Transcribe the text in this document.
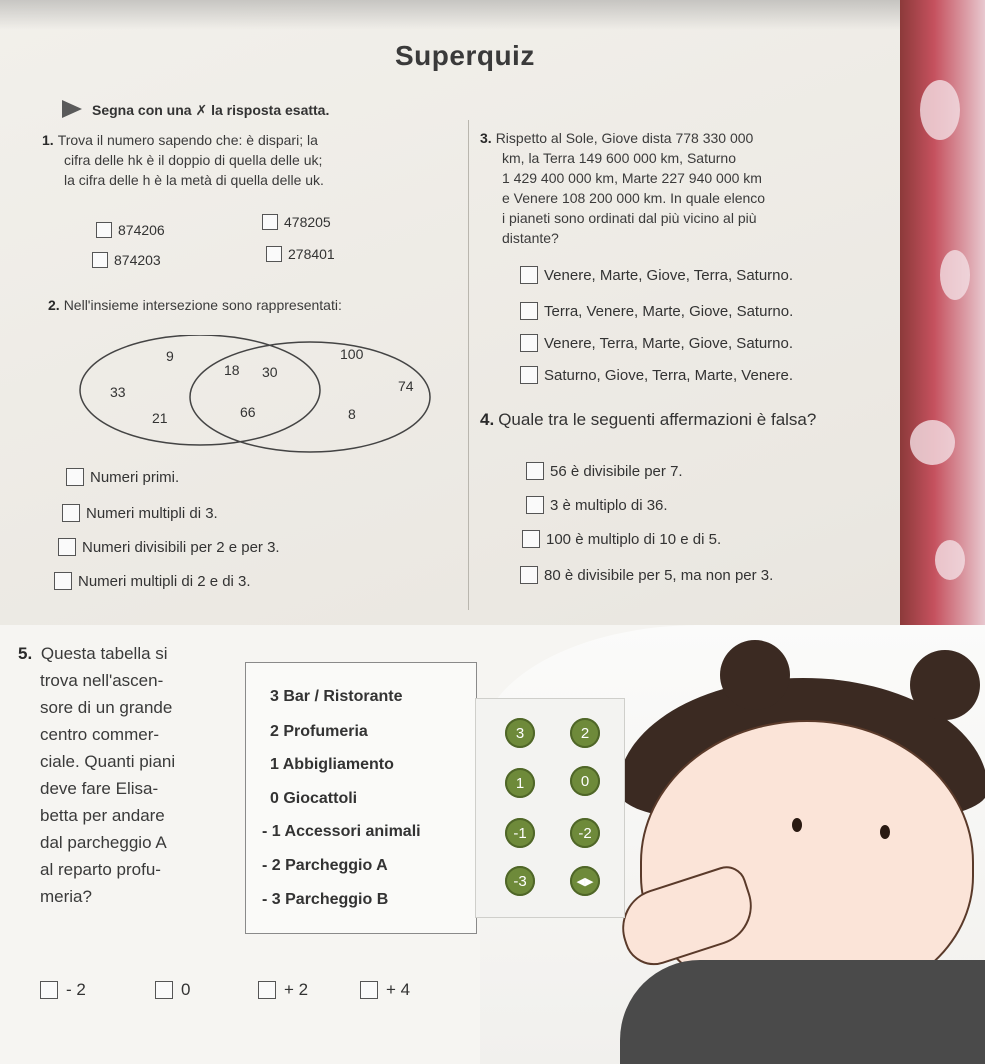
Superquiz
Segna con una ✗ la risposta esatta.
1. Trova il numero sapendo che: è dispari; la
cifra delle hk è il doppio di quella delle uk;
la cifra delle h è la metà di quella delle uk.
874206	478205
874203	278401
2. Nell'insieme intersezione sono rappresentati:
9
33
21
18 30
66
100
74
8
Numeri primi.
Numeri multipli di 3.
Numeri divisibili per 2 e per 3.
Numeri multipli di 2 e di 3.
3. Rispetto al Sole, Giove dista 778 330 000
km, la Terra 149 600 000 km, Saturno
1 429 400 000 km, Marte 227 940 000 km
e Venere 108 200 000 km. In quale elenco
i pianeti sono ordinati dal più vicino al più
distante?
Venere, Marte, Giove, Terra, Saturno.
Terra, Venere, Marte, Giove, Saturno.
Venere, Terra, Marte, Giove, Saturno.
Saturno, Giove, Terra, Marte, Venere.
4. Quale tra le seguenti affermazioni è falsa?
56 è divisibile per 7.
3 è multiplo di 36.
100 è multiplo di 10 e di 5.
80 è divisibile per 5, ma non per 3.
5. Questa tabella si
trova nell'ascen-
sore di un grande
centro commer-
ciale. Quanti piani
deve fare Elisa-
betta per andare
dal parcheggio A
al reparto profu-
meria?
3 Bar / Ristorante
2 Profumeria
1 Abbigliamento
0 Giocattoli
- 1 Accessori animali
- 2 Parcheggio A
- 3 Parcheggio B
3	2
1	0
-1	-2
-3	◀▶
- 2	0	+ 2	+ 4
